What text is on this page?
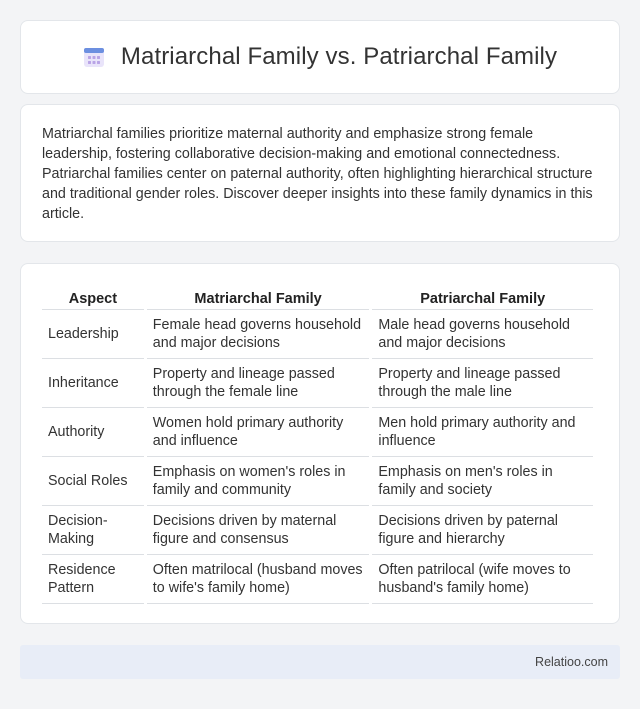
Matriarchal Family vs. Patriarchal Family

Matriarchal families prioritize maternal authority and emphasize strong female leadership, fostering collaborative decision-making and emotional connectedness. Patriarchal families center on paternal authority, often highlighting hierarchical structure and traditional gender roles. Discover deeper insights into these family dynamics in this article.

Aspect	Matriarchal Family	Patriarchal Family
Leadership	Female head governs household and major decisions	Male head governs household and major decisions
Inheritance	Property and lineage passed through the female line	Property and lineage passed through the male line
Authority	Women hold primary authority and influence	Men hold primary authority and influence
Social Roles	Emphasis on women's roles in family and community	Emphasis on men's roles in family and society
Decision-Making	Decisions driven by maternal figure and consensus	Decisions driven by paternal figure and hierarchy
Residence Pattern	Often matrilocal (husband moves to wife's family home)	Often patrilocal (wife moves to husband's family home)
Relatioo.com
